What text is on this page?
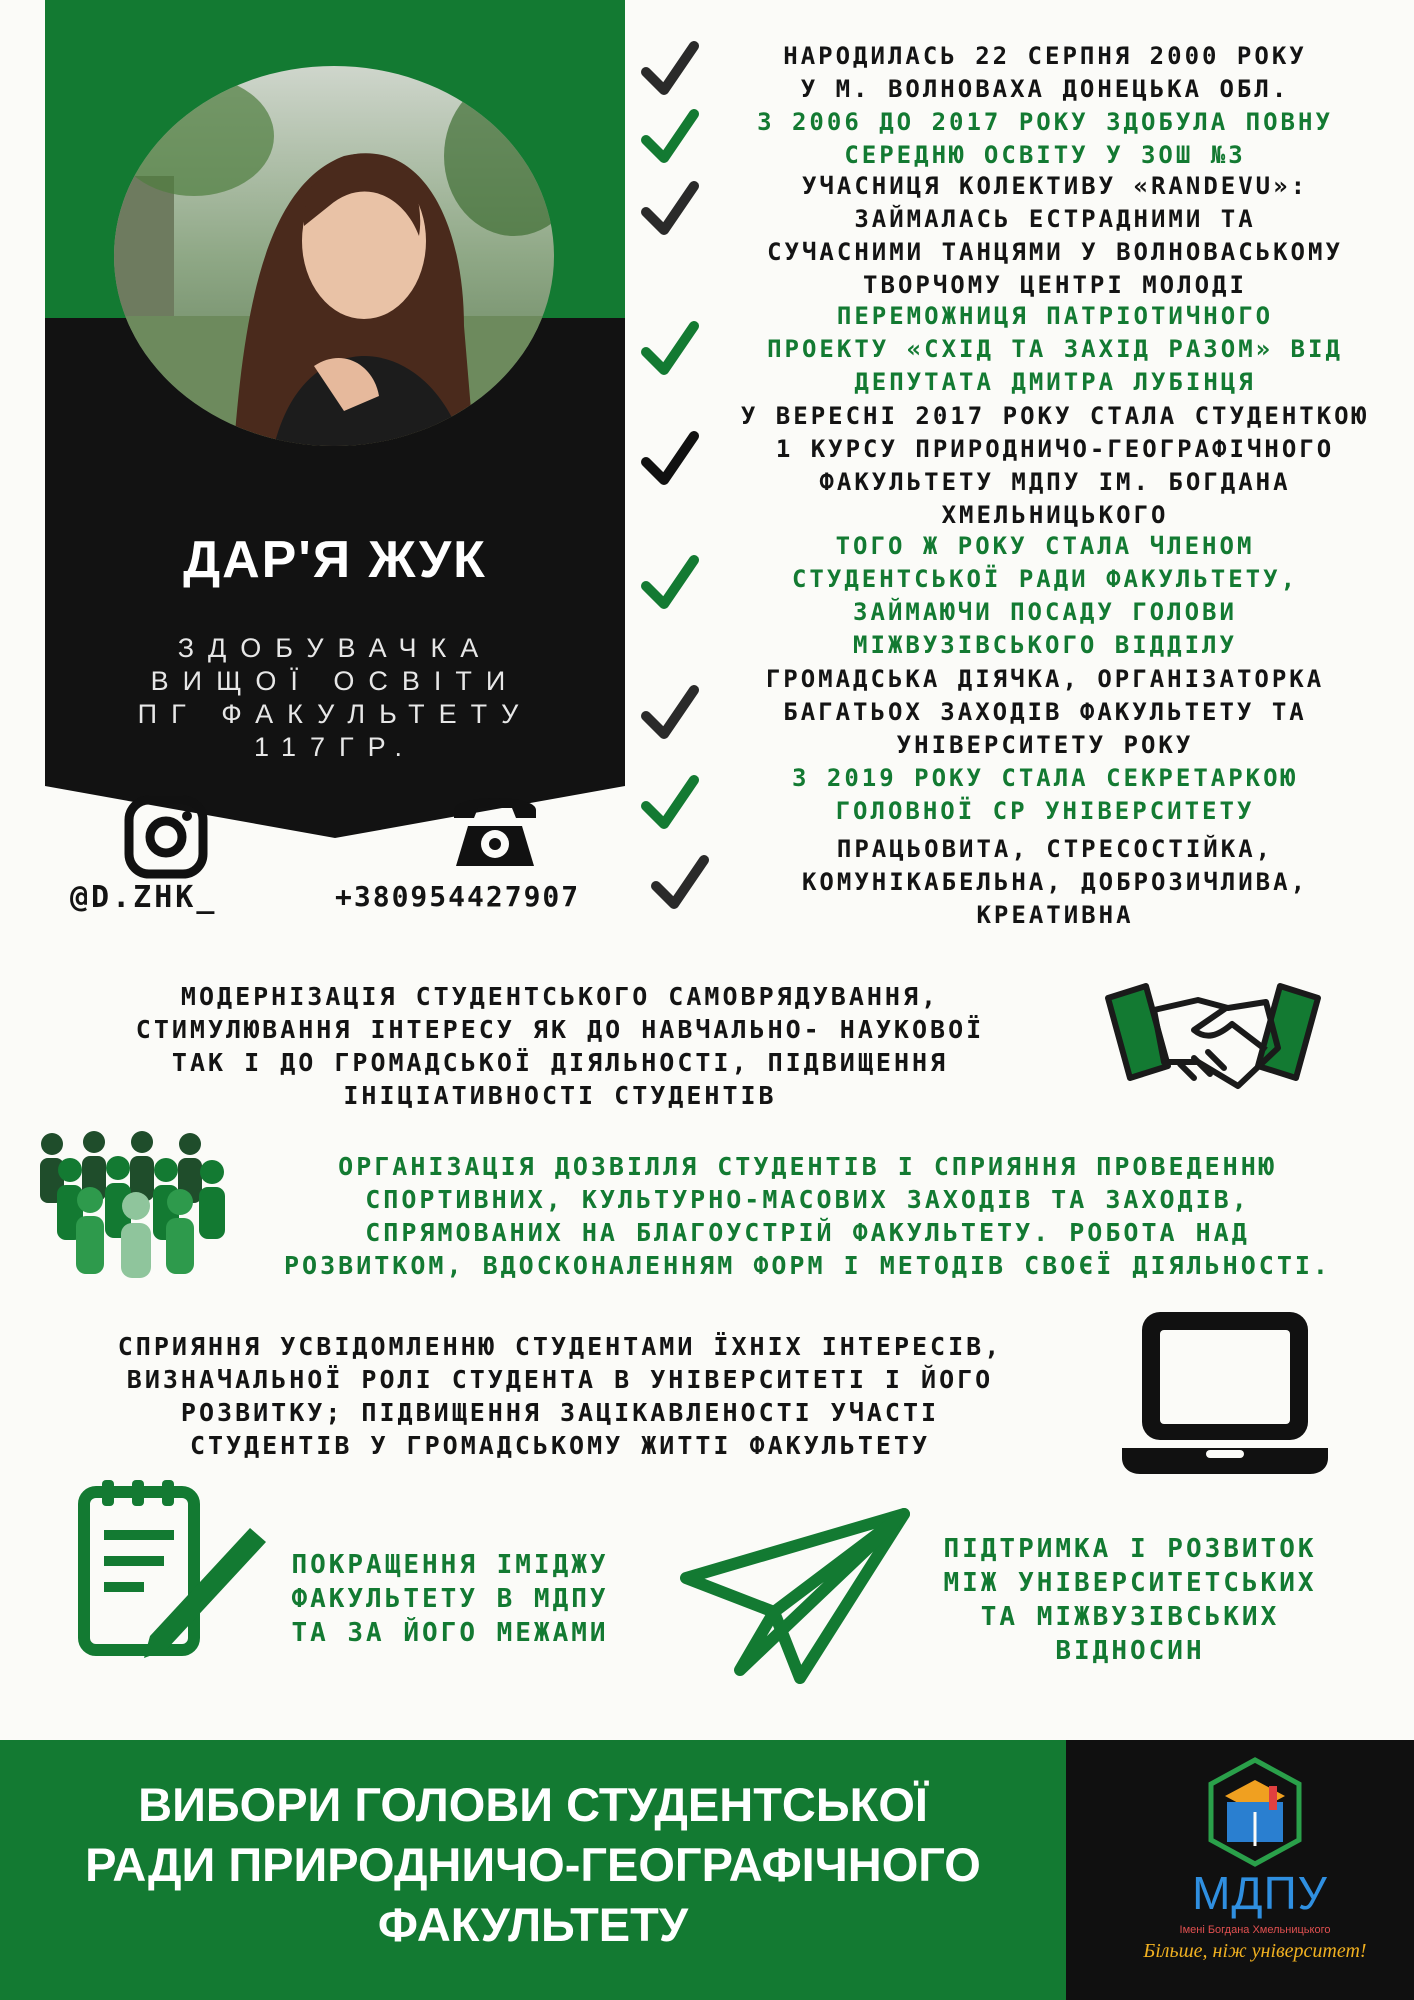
ДАР'Я ЖУК
ЗДОБУВАЧКА
ВИЩОЇ ОСВІТИ
ПГ ФАКУЛЬТЕТУ
117ГР.
@D.ZHK_	+380954427907
НАРОДИЛАСЬ 22 СЕРПНЯ 2000 РОКУ
У М. ВОЛНОВАХА ДОНЕЦЬКА ОБЛ.
З 2006 ДО 2017 РОКУ ЗДОБУЛА ПОВНУ
СЕРЕДНЮ ОСВІТУ У ЗОШ №3
УЧАСНИЦЯ КОЛЕКТИВУ «RANDEVU»:
ЗАЙМАЛАСЬ ЕСТРАДНИМИ ТА
СУЧАСНИМИ ТАНЦЯМИ У ВОЛНОВАСЬКОМУ
ТВОРЧОМУ ЦЕНТРІ МОЛОДІ
ПЕРЕМОЖНИЦЯ ПАТРІОТИЧНОГО
ПРОЕКТУ «СХІД ТА ЗАХІД РАЗОМ» ВІД
ДЕПУТАТА ДМИТРА ЛУБІНЦЯ
У ВЕРЕСНІ 2017 РОКУ СТАЛА СТУДЕНТКОЮ
1 КУРСУ ПРИРОДНИЧО-ГЕОГРАФІЧНОГО
ФАКУЛЬТЕТУ МДПУ ІМ. БОГДАНА
ХМЕЛЬНИЦЬКОГО
ТОГО Ж РОКУ СТАЛА ЧЛЕНОМ
СТУДЕНТСЬКОЇ РАДИ ФАКУЛЬТЕТУ,
ЗАЙМАЮЧИ ПОСАДУ ГОЛОВИ
МІЖВУЗІВСЬКОГО ВІДДІЛУ
ГРОМАДСЬКА ДІЯЧКА, ОРГАНІЗАТОРКА
БАГАТЬОХ ЗАХОДІВ ФАКУЛЬТЕТУ ТА
УНІВЕРСИТЕТУ РОКУ
З 2019 РОКУ СТАЛА СЕКРЕТАРКОЮ
ГОЛОВНОЇ СР УНІВЕРСИТЕТУ
ПРАЦЬОВИТА, СТРЕСОСТІЙКА,
КОМУНІКАБЕЛЬНА, ДОБРОЗИЧЛИВА,
КРЕАТИВНА
МОДЕРНІЗАЦІЯ СТУДЕНТСЬКОГО САМОВРЯДУВАННЯ,
СТИМУЛЮВАННЯ ІНТЕРЕСУ ЯК ДО НАВЧАЛЬНО- НАУКОВОЇ
ТАК І ДО ГРОМАДСЬКОЇ ДІЯЛЬНОСТІ, ПІДВИЩЕННЯ
ІНІЦІАТИВНОСТІ СТУДЕНТІВ
ОРГАНІЗАЦІЯ ДОЗВІЛЛЯ СТУДЕНТІВ І СПРИЯННЯ ПРОВЕДЕННЮ
СПОРТИВНИХ, КУЛЬТУРНО-МАСОВИХ ЗАХОДІВ ТА ЗАХОДІВ,
СПРЯМОВАНИХ НА БЛАГОУСТРІЙ ФАКУЛЬТЕТУ. РОБОТА НАД
РОЗВИТКОМ, ВДОСКОНАЛЕННЯМ ФОРМ І МЕТОДІВ СВОЄЇ ДІЯЛЬНОСТІ.
СПРИЯННЯ УСВІДОМЛЕННЮ СТУДЕНТАМИ ЇХНІХ ІНТЕРЕСІВ,
ВИЗНАЧАЛЬНОЇ РОЛІ СТУДЕНТА В УНІВЕРСИТЕТІ І ЙОГО
РОЗВИТКУ; ПІДВИЩЕННЯ ЗАЦІКАВЛЕНОСТІ УЧАСТІ
СТУДЕНТІВ У ГРОМАДСЬКОМУ ЖИТТІ ФАКУЛЬТЕТУ
ПОКРАЩЕННЯ ІМІДЖУ
ФАКУЛЬТЕТУ В МДПУ
ТА ЗА ЙОГО МЕЖАМИ
ПІДТРИМКА І РОЗВИТОК
МІЖ УНІВЕРСИТЕТСЬКИХ
ТА МІЖВУЗІВСЬКИХ
ВІДНОСИН
ВИБОРИ ГОЛОВИ СТУДЕНТСЬКОЇ
РАДИ ПРИРОДНИЧО-ГЕОГРАФІЧНОГО
ФАКУЛЬТЕТУ
МДПУ
Імені Богдана Хмельницького
Більше, ніж університет!
